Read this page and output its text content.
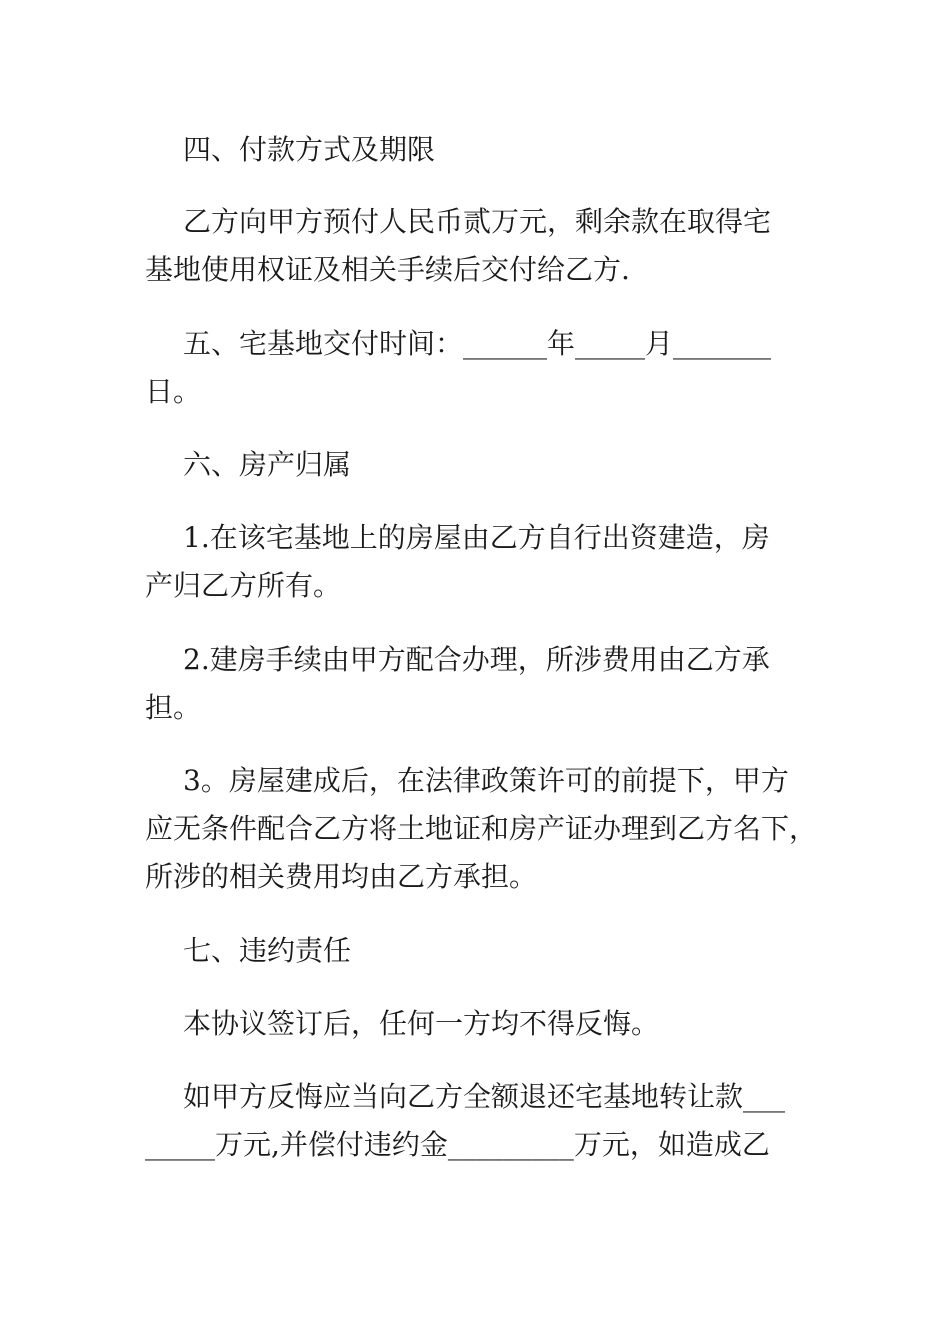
四、付款方式及期限

乙方向甲方预付人民币贰万元，剩余款在取得宅
基地使用权证及相关手续后交付给乙方.

五、宅基地交付时间：______年_____月_______
日。

六、房产归属

1.在该宅基地上的房屋由乙方自行出资建造，房
产归乙方所有。

2.建房手续由甲方配合办理，所涉费用由乙方承
担。

3。房屋建成后，在法律政策许可的前提下，甲方
应无条件配合乙方将土地证和房产证办理到乙方名下，
所涉的相关费用均由乙方承担。

七、违约责任

本协议签订后，任何一方均不得反悔。

如甲方反悔应当向乙方全额退还宅基地转让款___
_____万元,并偿付违约金_________万元，如造成乙
